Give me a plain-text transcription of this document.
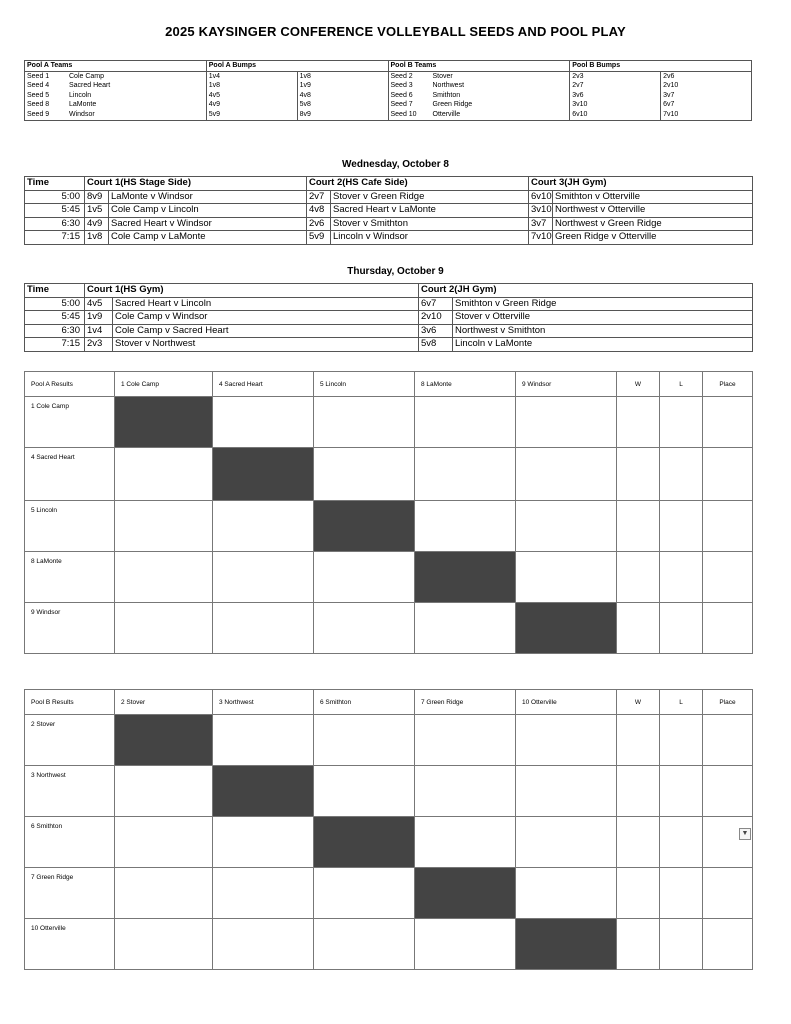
2025 KAYSINGER CONFERENCE VOLLEYBALL SEEDS AND POOL PLAY
Pool A Teams	Pool A Bumps		Pool B Teams	Pool B Bumps	
Seed 1 Cole Camp	1v4	1v8	Seed 2 Stover	2v3	2v6
Seed 4 Sacred Heart	1v8	1v9	Seed 3 Northwest	2v7	2v10
Seed 5 Lincoln	4v5	4v8	Seed 6 Smithton	3v6	3v7
Seed 8 LaMonte	4v9	5v8	Seed 7 Green Ridge	3v10	6v7
Seed 9 Windsor	5v9	8v9	Seed 10 Otterville	6v10	7v10
Wednesday, October 8
Time	Court 1(HS Stage Side)		Court 2(HS Cafe Side)		Court 3(JH Gym)	
5:00	8v9	LaMonte v Windsor	2v7	Stover v Green Ridge	6v10	Smithton v Otterville
5:45	1v5	Cole Camp v Lincoln	4v8	Sacred Heart v LaMonte	3v10	Northwest v Otterville
6:30	4v9	Sacred Heart v Windsor	2v6	Stover v Smithton	3v7	Northwest v Green Ridge
7:15	1v8	Cole Camp v LaMonte	5v9	Lincoln v Windsor	7v10	Green Ridge v Otterville
Thursday, October 9
Time	Court 1(HS Gym)		Court 2(JH Gym)	
5:00	4v5	Sacred Heart v Lincoln	6v7	Smithton v Green Ridge
5:45	1v9	Cole Camp v Windsor	2v10	Stover v Otterville
6:30	1v4	Cole Camp v Sacred Heart	3v6	Northwest v Smithton
7:15	2v3	Stover v Northwest	5v8	Lincoln v LaMonte
Pool A Results	1 Cole Camp	4 Sacred Heart	5 Lincoln	8 LaMonte	9 Windsor	W	L	Place
1 Cole Camp								
4 Sacred Heart								
5 Lincoln								
8 LaMonte								
9 Windsor								
Pool B Results	2 Stover	3 Northwest	6 Smithton	7 Green Ridge	10 Otterville	W	L	Place
2 Stover								
3 Northwest								
6 Smithton								
7 Green Ridge								
10 Otterville								
▼
